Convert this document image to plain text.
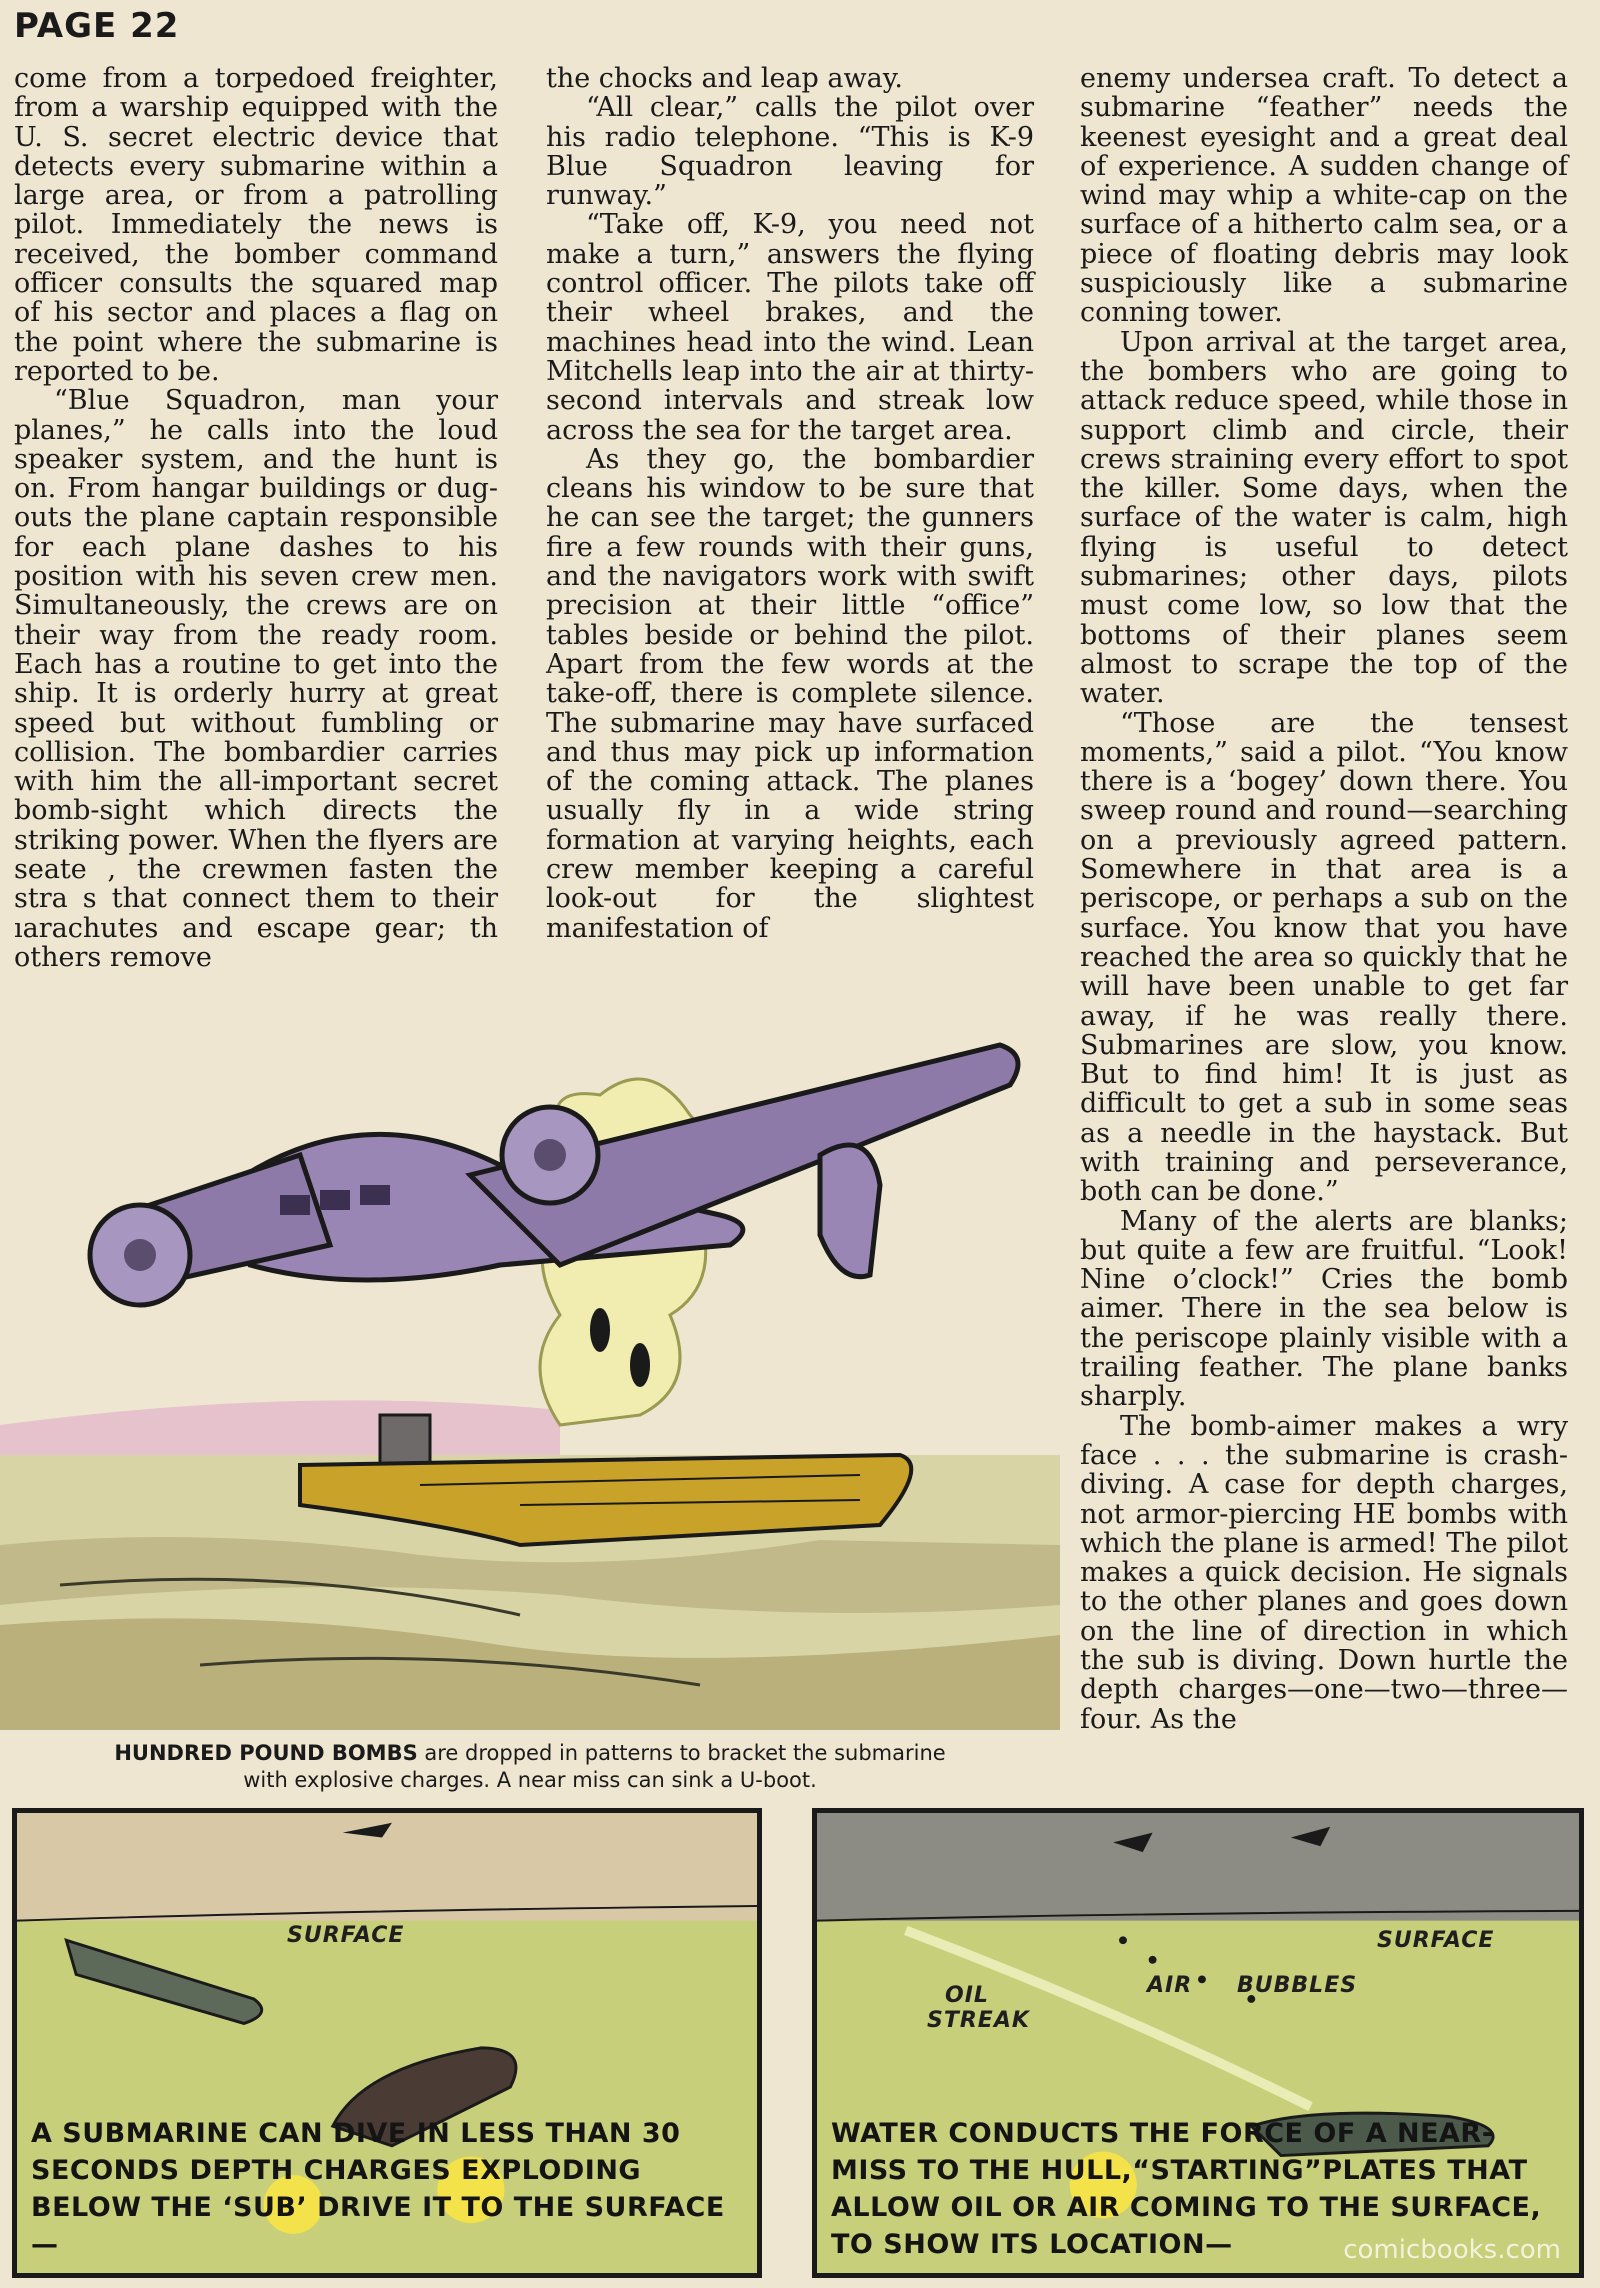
PAGE 22

come from a torpedoed freighter, from a warship equipped with the U. S. secret electric device that detects every submarine within a large area, or from a patrolling pilot. Immediately the news is received, the bomber command officer consults the squared map of his sector and places a flag on the point where the submarine is reported to be.

“Blue Squadron, man your planes,” he calls into the loud speaker system, and the hunt is on. From hangar buildings or dug-outs the plane captain responsible for each plane dashes to his position with his seven crew men. Simultaneously, the crews are on their way from the ready room. Each has a routine to get into the ship. It is orderly hurry at great speed but without fumbling or collision. The bombardier carries with him the all-important secret bomb-sight which directs the striking power. When the flyers are seate , the crewmen fasten the stra s that connect them to their ıarachutes and escape gear; th others remove

the chocks and leap away.

“All clear,” calls the pilot over his radio telephone. “This is K-9 Blue Squadron leaving for runway.”

“Take off, K-9, you need not make a turn,” answers the flying control officer. The pilots take off their wheel brakes, and the machines head into the wind. Lean Mitchells leap into the air at thirty-second intervals and streak low across the sea for the target area.

As they go, the bombardier cleans his window to be sure that he can see the target; the gunners fire a few rounds with their guns, and the navigators work with swift precision at their little “office” tables beside or behind the pilot. Apart from the few words at the take-off, there is complete silence. The submarine may have surfaced and thus may pick up information of the coming attack. The planes usually fly in a wide string formation at varying heights, each crew member keeping a careful look-out for the slightest manifestation of

enemy undersea craft. To detect a submarine “feather” needs the keenest eyesight and a great deal of experience. A sudden change of wind may whip a white-cap on the surface of a hitherto calm sea, or a piece of floating debris may look suspiciously like a submarine conning tower.

Upon arrival at the target area, the bombers who are going to attack reduce speed, while those in support climb and circle, their crews straining every effort to spot the killer. Some days, when the surface of the water is calm, high flying is useful to detect submarines; other days, pilots must come low, so low that the bottoms of their planes seem almost to scrape the top of the water.

“Those are the tensest moments,” said a pilot. “You know there is a ‘bogey’ down there. You sweep round and round—searching on a previously agreed pattern. Somewhere in that area is a periscope, or perhaps a sub on the surface. You know that you have reached the area so quickly that he will have been unable to get far away, if he was really there. Submarines are slow, you know. But to find him! It is just as difficult to get a sub in some seas as a needle in the haystack. But with training and perseverance, both can be done.”

Many of the alerts are blanks; but quite a few are fruitful. “Look! Nine o’clock!” Cries the bomb aimer. There in the sea below is the periscope plainly visible with a trailing feather. The plane banks sharply.

The bomb-aimer makes a wry face . . . the submarine is crash-diving. A case for depth charges, not armor-piercing HE bombs with which the plane is armed! The pilot makes a quick decision. He signals to the other planes and goes down on the line of direction in which the sub is diving. Down hurtle the depth charges—one—two—three—four. As the

HUNDRED POUND BOMBS are dropped in patterns to bracket the submarine with explosive charges. A near miss can sink a U-boot.
SURFACE
A SUBMARINE CAN DIVE IN LESS THAN 30 SECONDS DEPTH CHARGES EXPLODING BELOW THE ‘SUB’ DRIVE IT TO THE SURFACE—
SURFACE
AIR BUBBLES
OIL
STREAK
WATER CONDUCTS THE FORCE OF A NEAR-MISS TO THE HULL,“STARTING”PLATES THAT ALLOW OIL OR AIR COMING TO THE SURFACE, TO SHOW ITS LOCATION—	comicbooks.com
